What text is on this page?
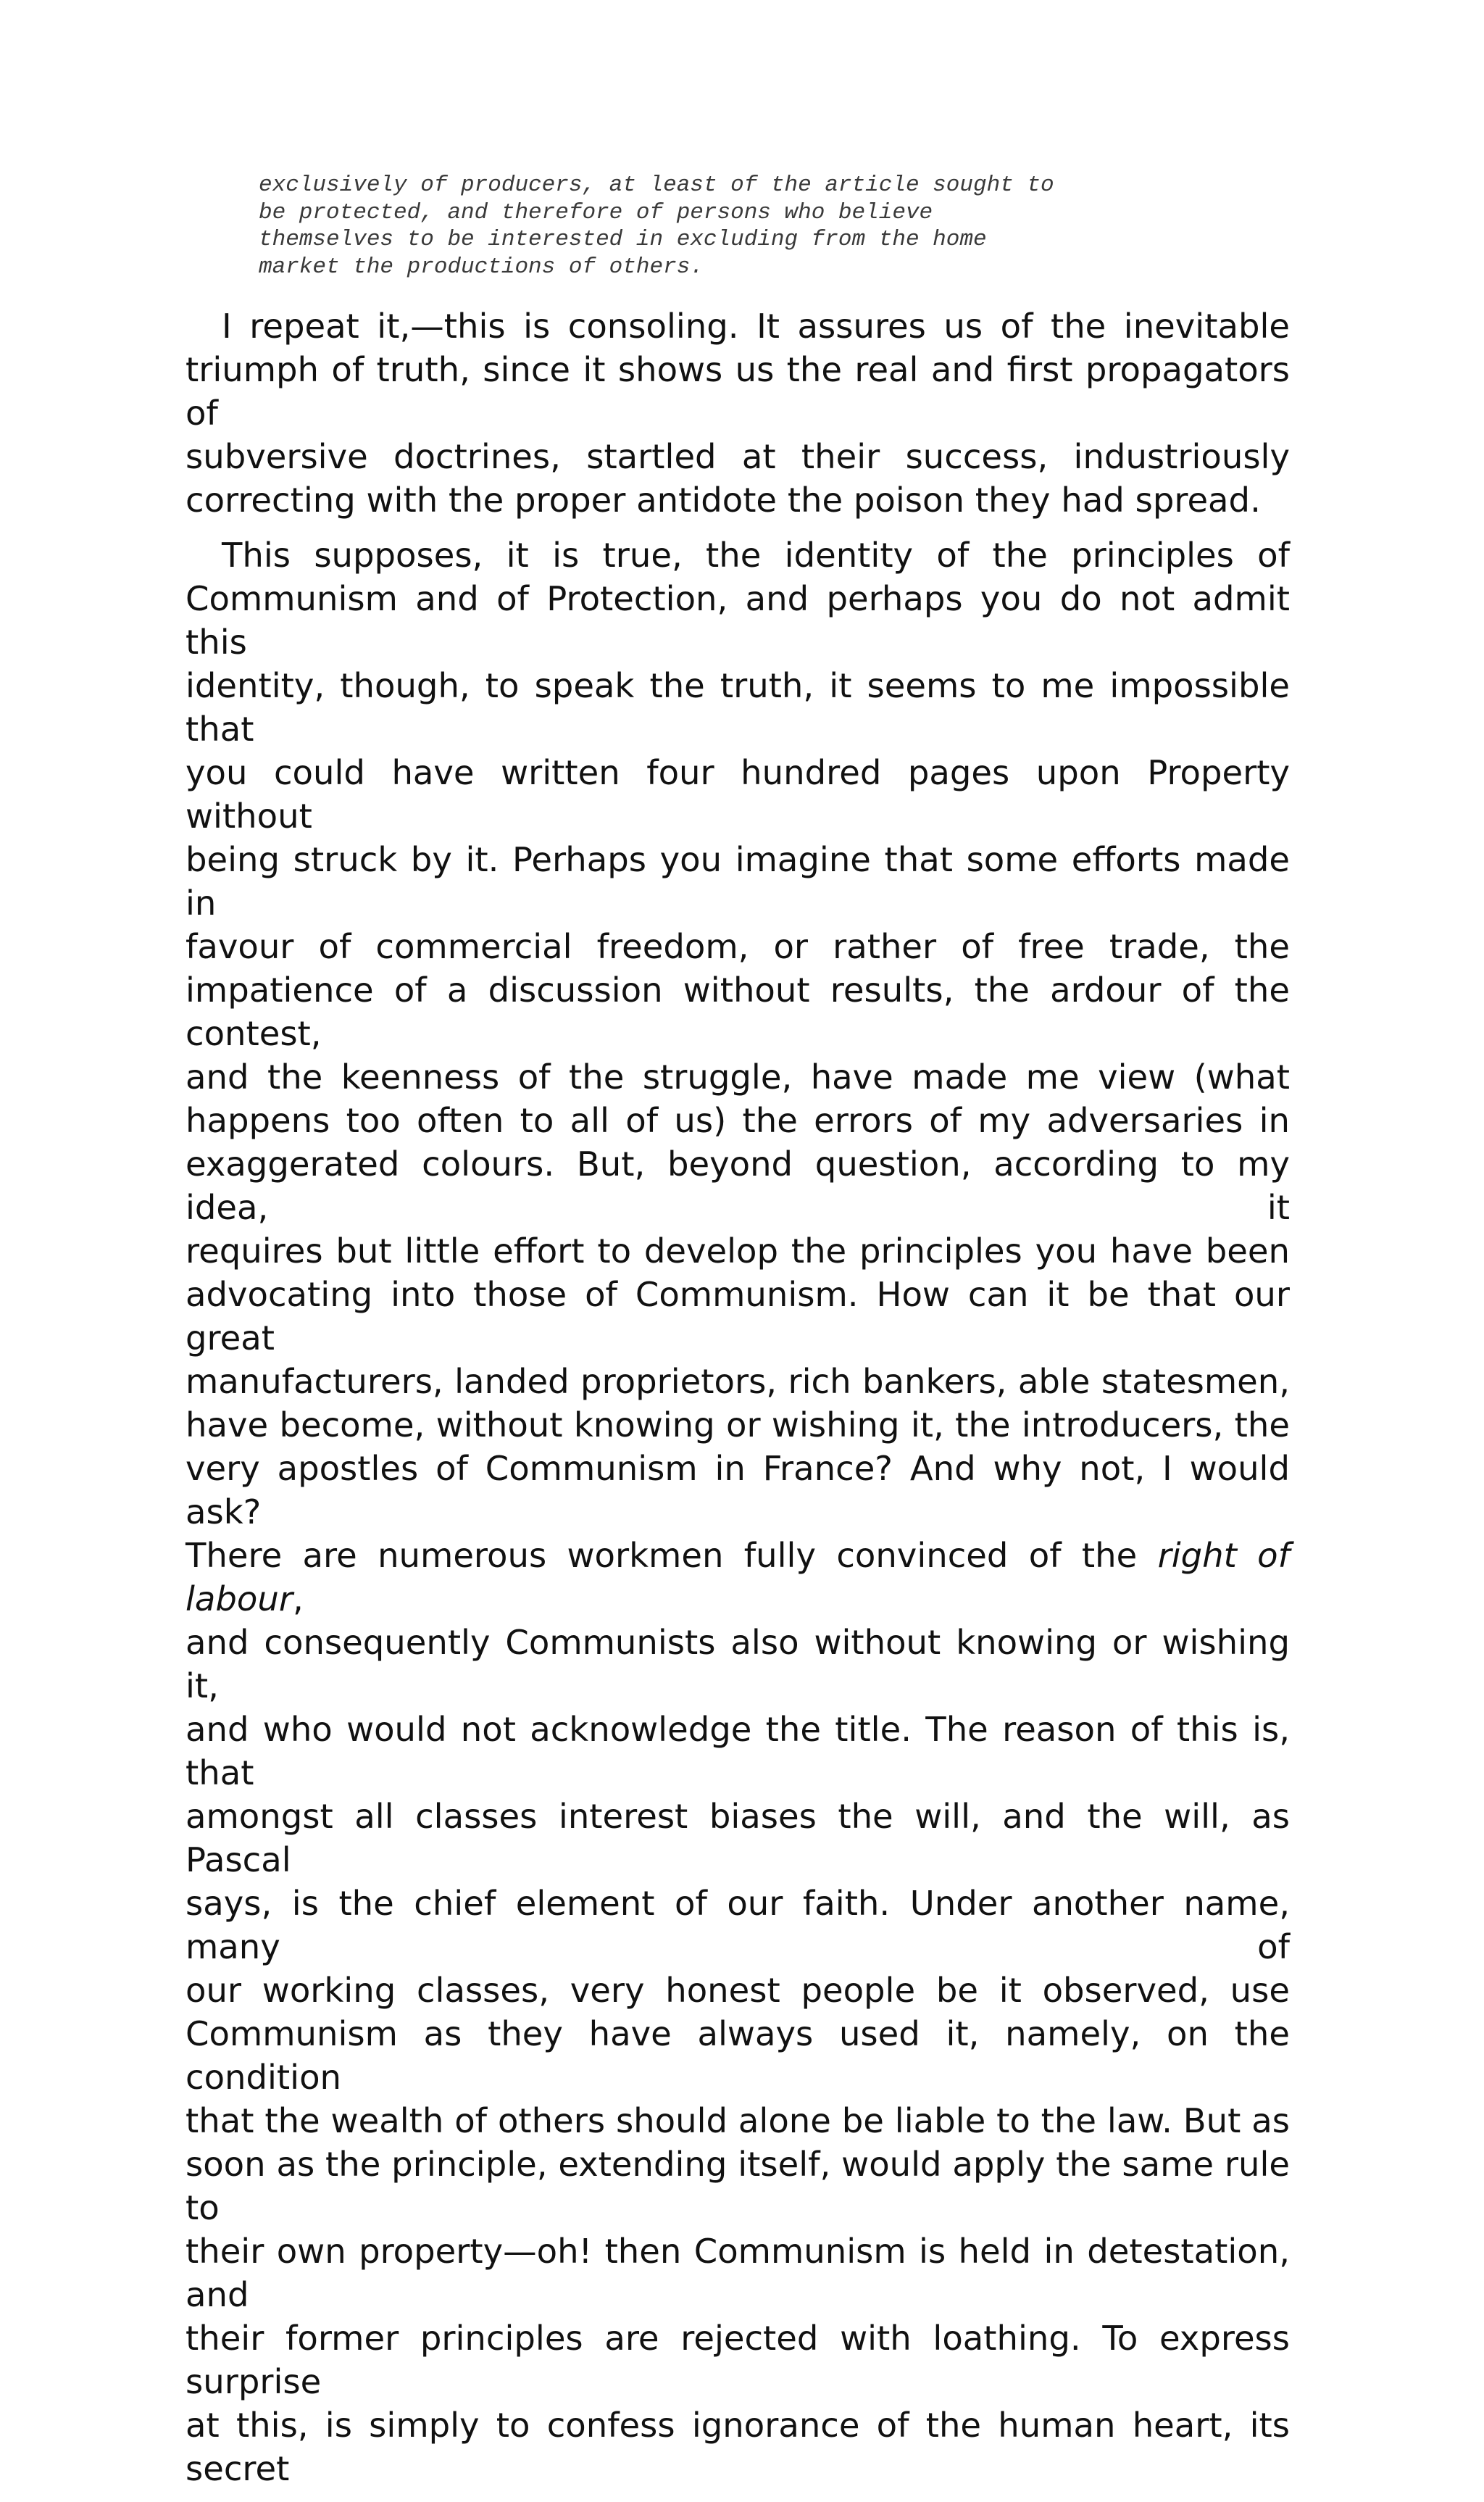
exclusively of producers, at least of the article sought to
be protected, and therefore of persons who believe
themselves to be interested in excluding from the home
market the productions of others.
I repeat it,—this is consoling. It assures us of the inevitable
triumph of truth, since it shows us the real and first propagators of
subversive doctrines, startled at their success, industriously
correcting with the proper antidote the poison they had spread.
This supposes, it is true, the identity of the principles of
Communism and of Protection, and perhaps you do not admit this
identity, though, to speak the truth, it seems to me impossible that
you could have written four hundred pages upon Property without
being struck by it. Perhaps you imagine that some efforts made in
favour of commercial freedom, or rather of free trade, the
impatience of a discussion without results, the ardour of the contest,
and the keenness of the struggle, have made me view (what
happens too often to all of us) the errors of my adversaries in
exaggerated colours. But, beyond question, according to my idea, it
requires but little effort to develop the principles you have been
advocating into those of Communism. How can it be that our great
manufacturers, landed proprietors, rich bankers, able statesmen,
have become, without knowing or wishing it, the introducers, the
very apostles of Communism in France? And why not, I would ask?
There are numerous workmen fully convinced of the right of labour,
and consequently Communists also without knowing or wishing it,
and who would not acknowledge the title. The reason of this is, that
amongst all classes interest biases the will, and the will, as Pascal
says, is the chief element of our faith. Under another name, many of
our working classes, very honest people be it observed, use
Communism as they have always used it, namely, on the condition
that the wealth of others should alone be liable to the law. But as
soon as the principle, extending itself, would apply the same rule to
their own property—oh! then Communism is held in detestation, and
their former principles are rejected with loathing. To express surprise
at this, is simply to confess ignorance of the human heart, its secret
